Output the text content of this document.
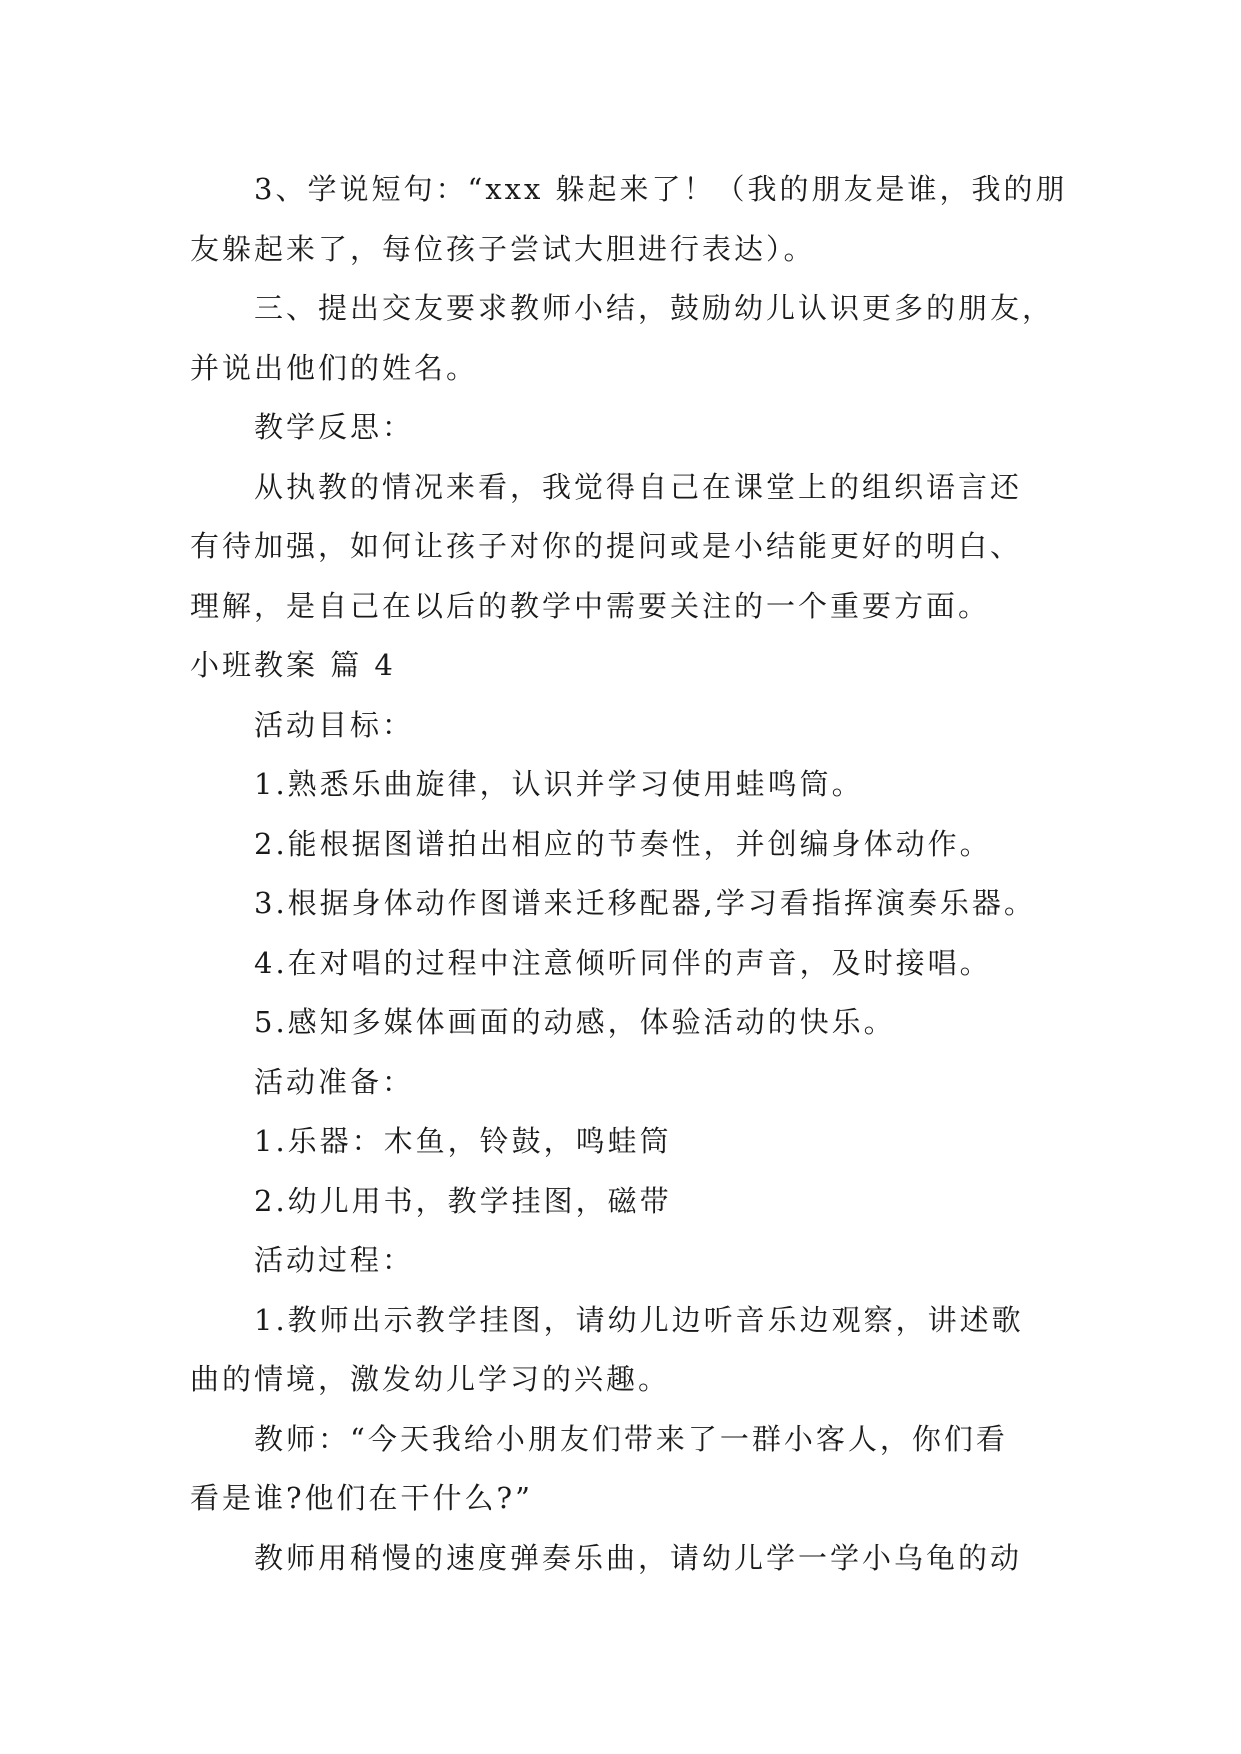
3、学说短句：“xxx 躲起来了！（我的朋友是谁，我的朋

友躲起来了，每位孩子尝试大胆进行表达）。

三、提出交友要求教师小结，鼓励幼儿认识更多的朋友，

并说出他们的姓名。

教学反思：

从执教的情况来看，我觉得自己在课堂上的组织语言还

有待加强，如何让孩子对你的提问或是小结能更好的明白、

理解，是自己在以后的教学中需要关注的一个重要方面。

小班教案 篇 4

活动目标：

1.熟悉乐曲旋律，认识并学习使用蛙鸣筒。

2.能根据图谱拍出相应的节奏性，并创编身体动作。

3.根据身体动作图谱来迁移配器,学习看指挥演奏乐器。

4.在对唱的过程中注意倾听同伴的声音，及时接唱。

5.感知多媒体画面的动感，体验活动的快乐。

活动准备：

1.乐器：木鱼，铃鼓，鸣蛙筒

2.幼儿用书，教学挂图，磁带

活动过程：

1.教师出示教学挂图，请幼儿边听音乐边观察，讲述歌

曲的情境，激发幼儿学习的兴趣。

教师：“今天我给小朋友们带来了一群小客人，你们看

看是谁?他们在干什么?”

教师用稍慢的速度弹奏乐曲，请幼儿学一学小乌龟的动
